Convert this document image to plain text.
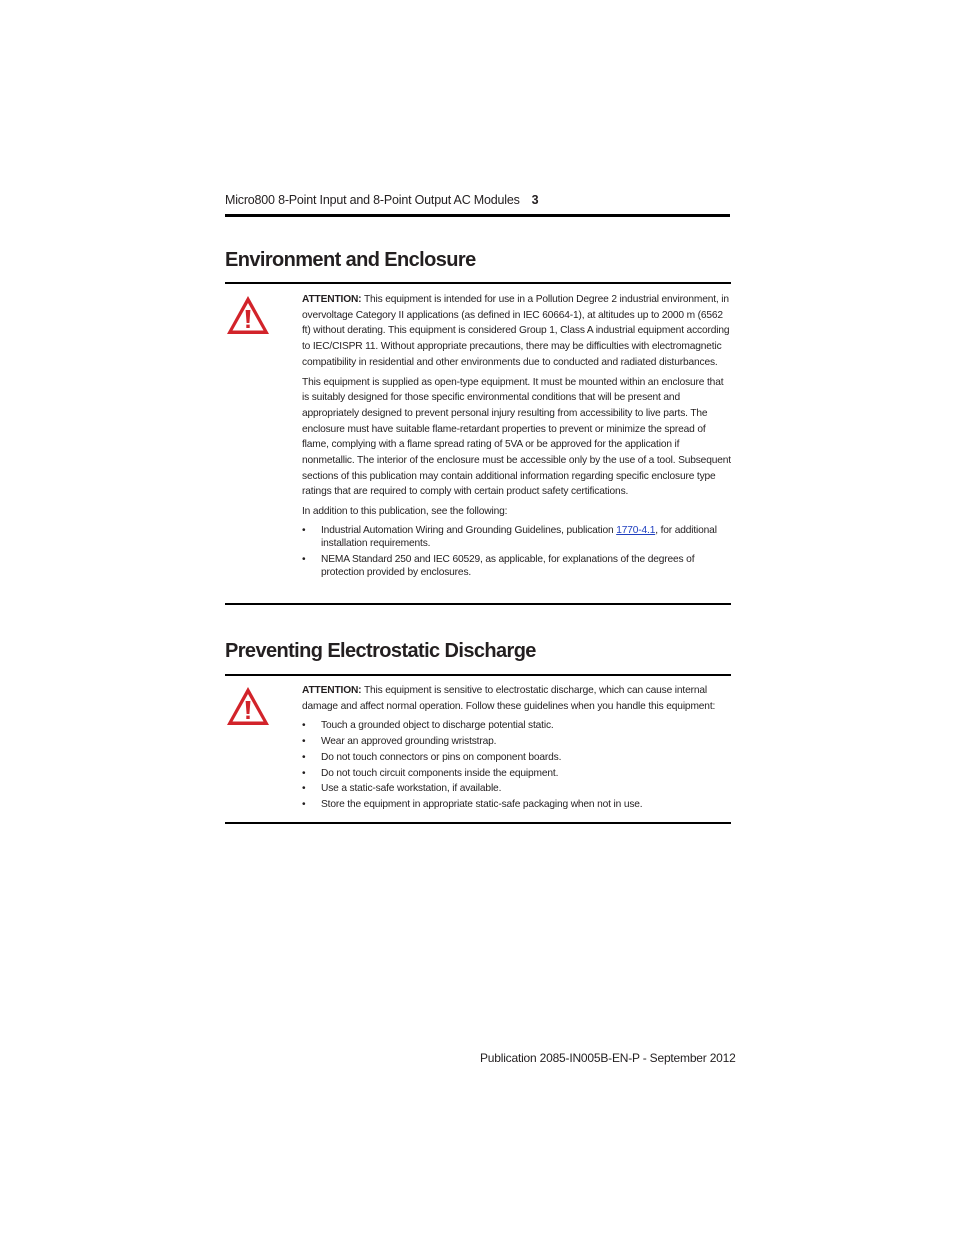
Micro800 8-Point Input and 8-Point Output AC Modules 3
Environment and Enclosure

ATTENTION: This equipment is intended for use in a Pollution Degree 2 industrial environment, in overvoltage Category II applications (as defined in IEC 60664-1), at altitudes up to 2000 m (6562 ft) without derating. This equipment is considered Group 1, Class A industrial equipment according to IEC/CISPR 11. Without appropriate precautions, there may be difficulties with electromagnetic compatibility in residential and other environments due to conducted and radiated disturbances.

This equipment is supplied as open-type equipment. It must be mounted within an enclosure that is suitably designed for those specific environmental conditions that will be present and appropriately designed to prevent personal injury resulting from accessibility to live parts. The enclosure must have suitable flame-retardant properties to prevent or minimize the spread of flame, complying with a flame spread rating of 5VA or be approved for the application if nonmetallic. The interior of the enclosure must be accessible only by the use of a tool. Subsequent sections of this publication may contain additional information regarding specific enclosure type ratings that are required to comply with certain product safety certifications.

In addition to this publication, see the following:

• Industrial Automation Wiring and Grounding Guidelines, publication 1770-4.1, for additional installation requirements.
• NEMA Standard 250 and IEC 60529, as applicable, for explanations of the degrees of protection provided by enclosures.
Preventing Electrostatic Discharge

ATTENTION: This equipment is sensitive to electrostatic discharge, which can cause internal damage and affect normal operation. Follow these guidelines when you handle this equipment:

• Touch a grounded object to discharge potential static.
• Wear an approved grounding wriststrap.
• Do not touch connectors or pins on component boards.
• Do not touch circuit components inside the equipment.
• Use a static-safe workstation, if available.
• Store the equipment in appropriate static-safe packaging when not in use.
Publication 2085-IN005B-EN-P - September 2012
